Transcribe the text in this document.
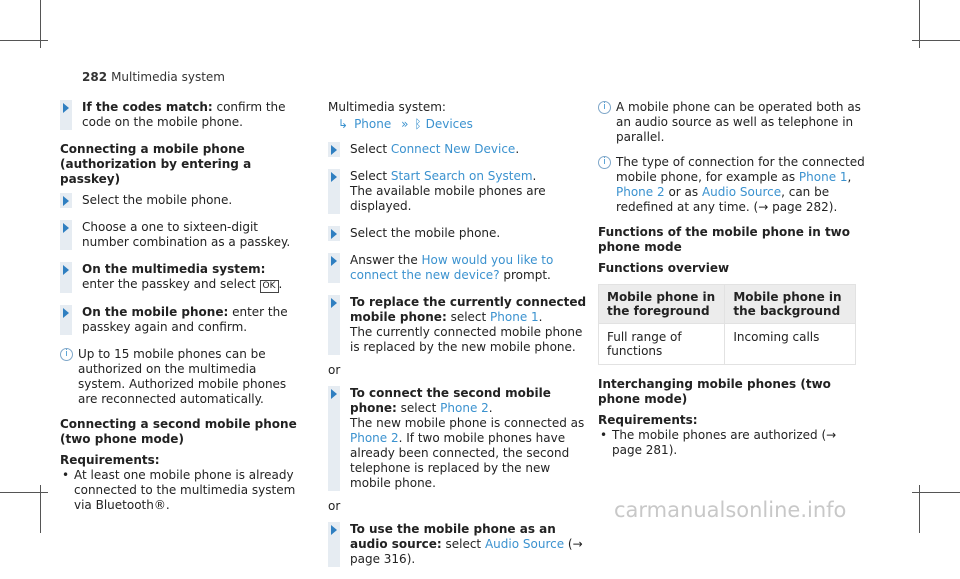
282 Multimedia system
If the codes match: confirm the code on the mobile phone.
Connecting a mobile phone (authorization by entering a passkey)
Select the mobile phone.
Choose a one to sixteen-digit number combination as a passkey.
On the multimedia system: enter the passkey and select OK .
On the mobile phone: enter the passkey again and confirm.
i Up to 15 mobile phones can be authorized on the multimedia system. Authorized mobile phones are reconnected automatically.
Connecting a second mobile phone (two phone mode)
Requirements:
• At least one mobile phone is already connected to the multimedia system via Bluetooth®.
Multimedia system:
↳ Phone » ᛒ Devices
Select Connect New Device.
Select Start Search on System.
The available mobile phones are displayed.
Select the mobile phone.
Answer the How would you like to connect the new device? prompt.
To replace the currently connected mobile phone: select Phone 1.
The currently connected mobile phone is replaced by the new mobile phone.
or
To connect the second mobile phone: select Phone 2.
The new mobile phone is connected as Phone 2. If two mobile phones have already been connected, the second telephone is replaced by the new mobile phone.
or
To use the mobile phone as an audio source: select Audio Source (→ page 316).
i A mobile phone can be operated both as an audio source as well as telephone in parallel.
i The type of connection for the connected mobile phone, for example as Phone 1, Phone 2 or as Audio Source, can be redefined at any time. (→ page 282).
Functions of the mobile phone in two phone mode
Functions overview
Mobile phone in the foreground	Mobile phone in the background
Full range of functions	Incoming calls
Interchanging mobile phones (two phone mode)
Requirements:
• The mobile phones are authorized (→ page 281).
carmanualsonline.info
